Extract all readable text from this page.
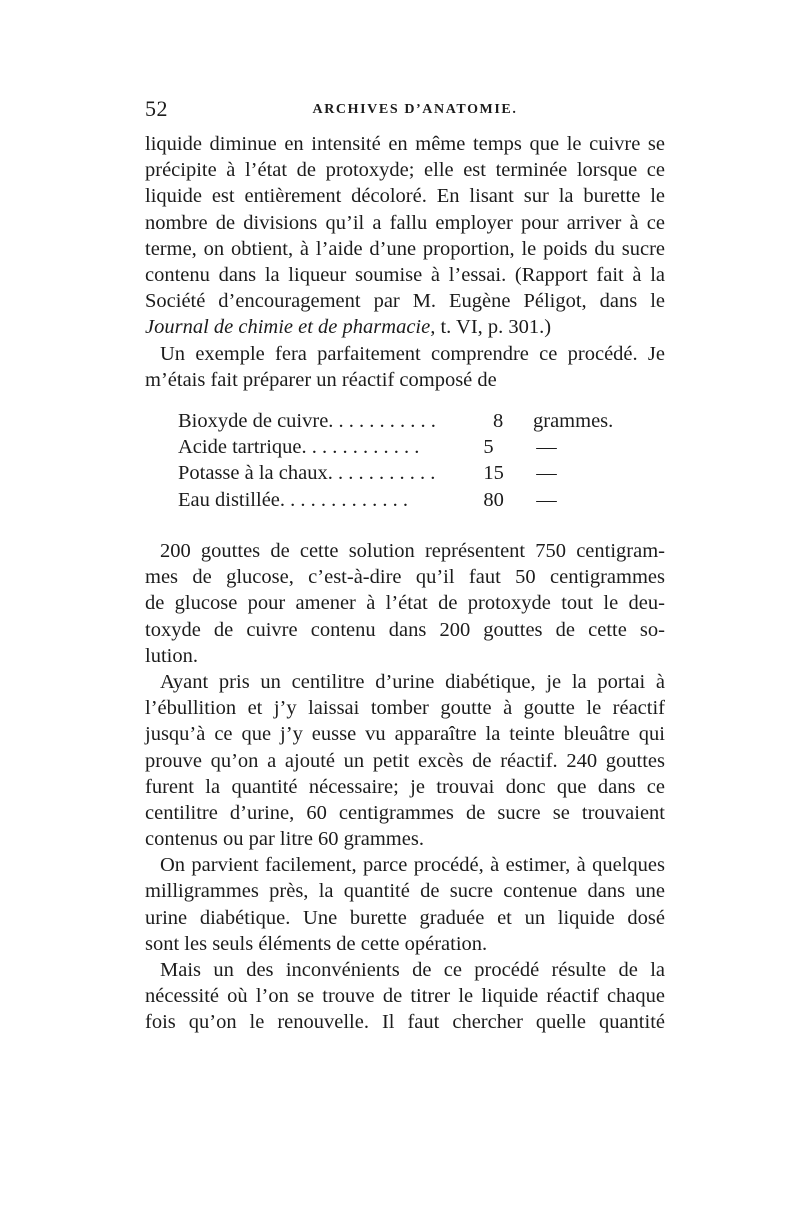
52	ARCHIVES D’ANATOMIE.
liquide diminue en intensité en même temps que le cuivre se
précipite à l’état de protoxyde; elle est terminée lorsque ce
liquide est entièrement décoloré. En lisant sur la burette le
nombre de divisions qu’il a fallu employer pour arriver à ce
terme, on obtient, à l’aide d’une proportion, le poids du sucre
contenu dans la liqueur soumise à l’essai. (Rapport fait à la
Société d’encouragement par M. Eugène Péligot, dans le
Journal de chimie et de pharmacie, t. VI, p. 301.)
Un exemple fera parfaitement comprendre ce procédé. Je
m’étais fait préparer un réactif composé de
Bioxyde de cuivre. . . . . . . . . . .	8	grammes.
Acide tartrique. . . . . . . . . . . .	5	—
Potasse à la chaux. . . . . . . . . . .	15	—
Eau distillée. . . . . . . . . . . . .	80	—
200 gouttes de cette solution représentent 750 centigram-
mes de glucose, c’est-à-dire qu’il faut 50 centigrammes
de glucose pour amener à l’état de protoxyde tout le deu-
toxyde de cuivre contenu dans 200 gouttes de cette so-
lution.
Ayant pris un centilitre d’urine diabétique, je la portai à
l’ébullition et j’y laissai tomber goutte à goutte le réactif
jusqu’à ce que j’y eusse vu apparaître la teinte bleuâtre qui
prouve qu’on a ajouté un petit excès de réactif. 240 gouttes
furent la quantité nécessaire; je trouvai donc que dans ce
centilitre d’urine, 60 centigrammes de sucre se trouvaient
contenus ou par litre 60 grammes.
On parvient facilement, parce procédé, à estimer, à quelques
milligrammes près, la quantité de sucre contenue dans une
urine diabétique. Une burette graduée et un liquide dosé
sont les seuls éléments de cette opération.
Mais un des inconvénients de ce procédé résulte de la
nécessité où l’on se trouve de titrer le liquide réactif chaque
fois qu’on le renouvelle. Il faut chercher quelle quantité
